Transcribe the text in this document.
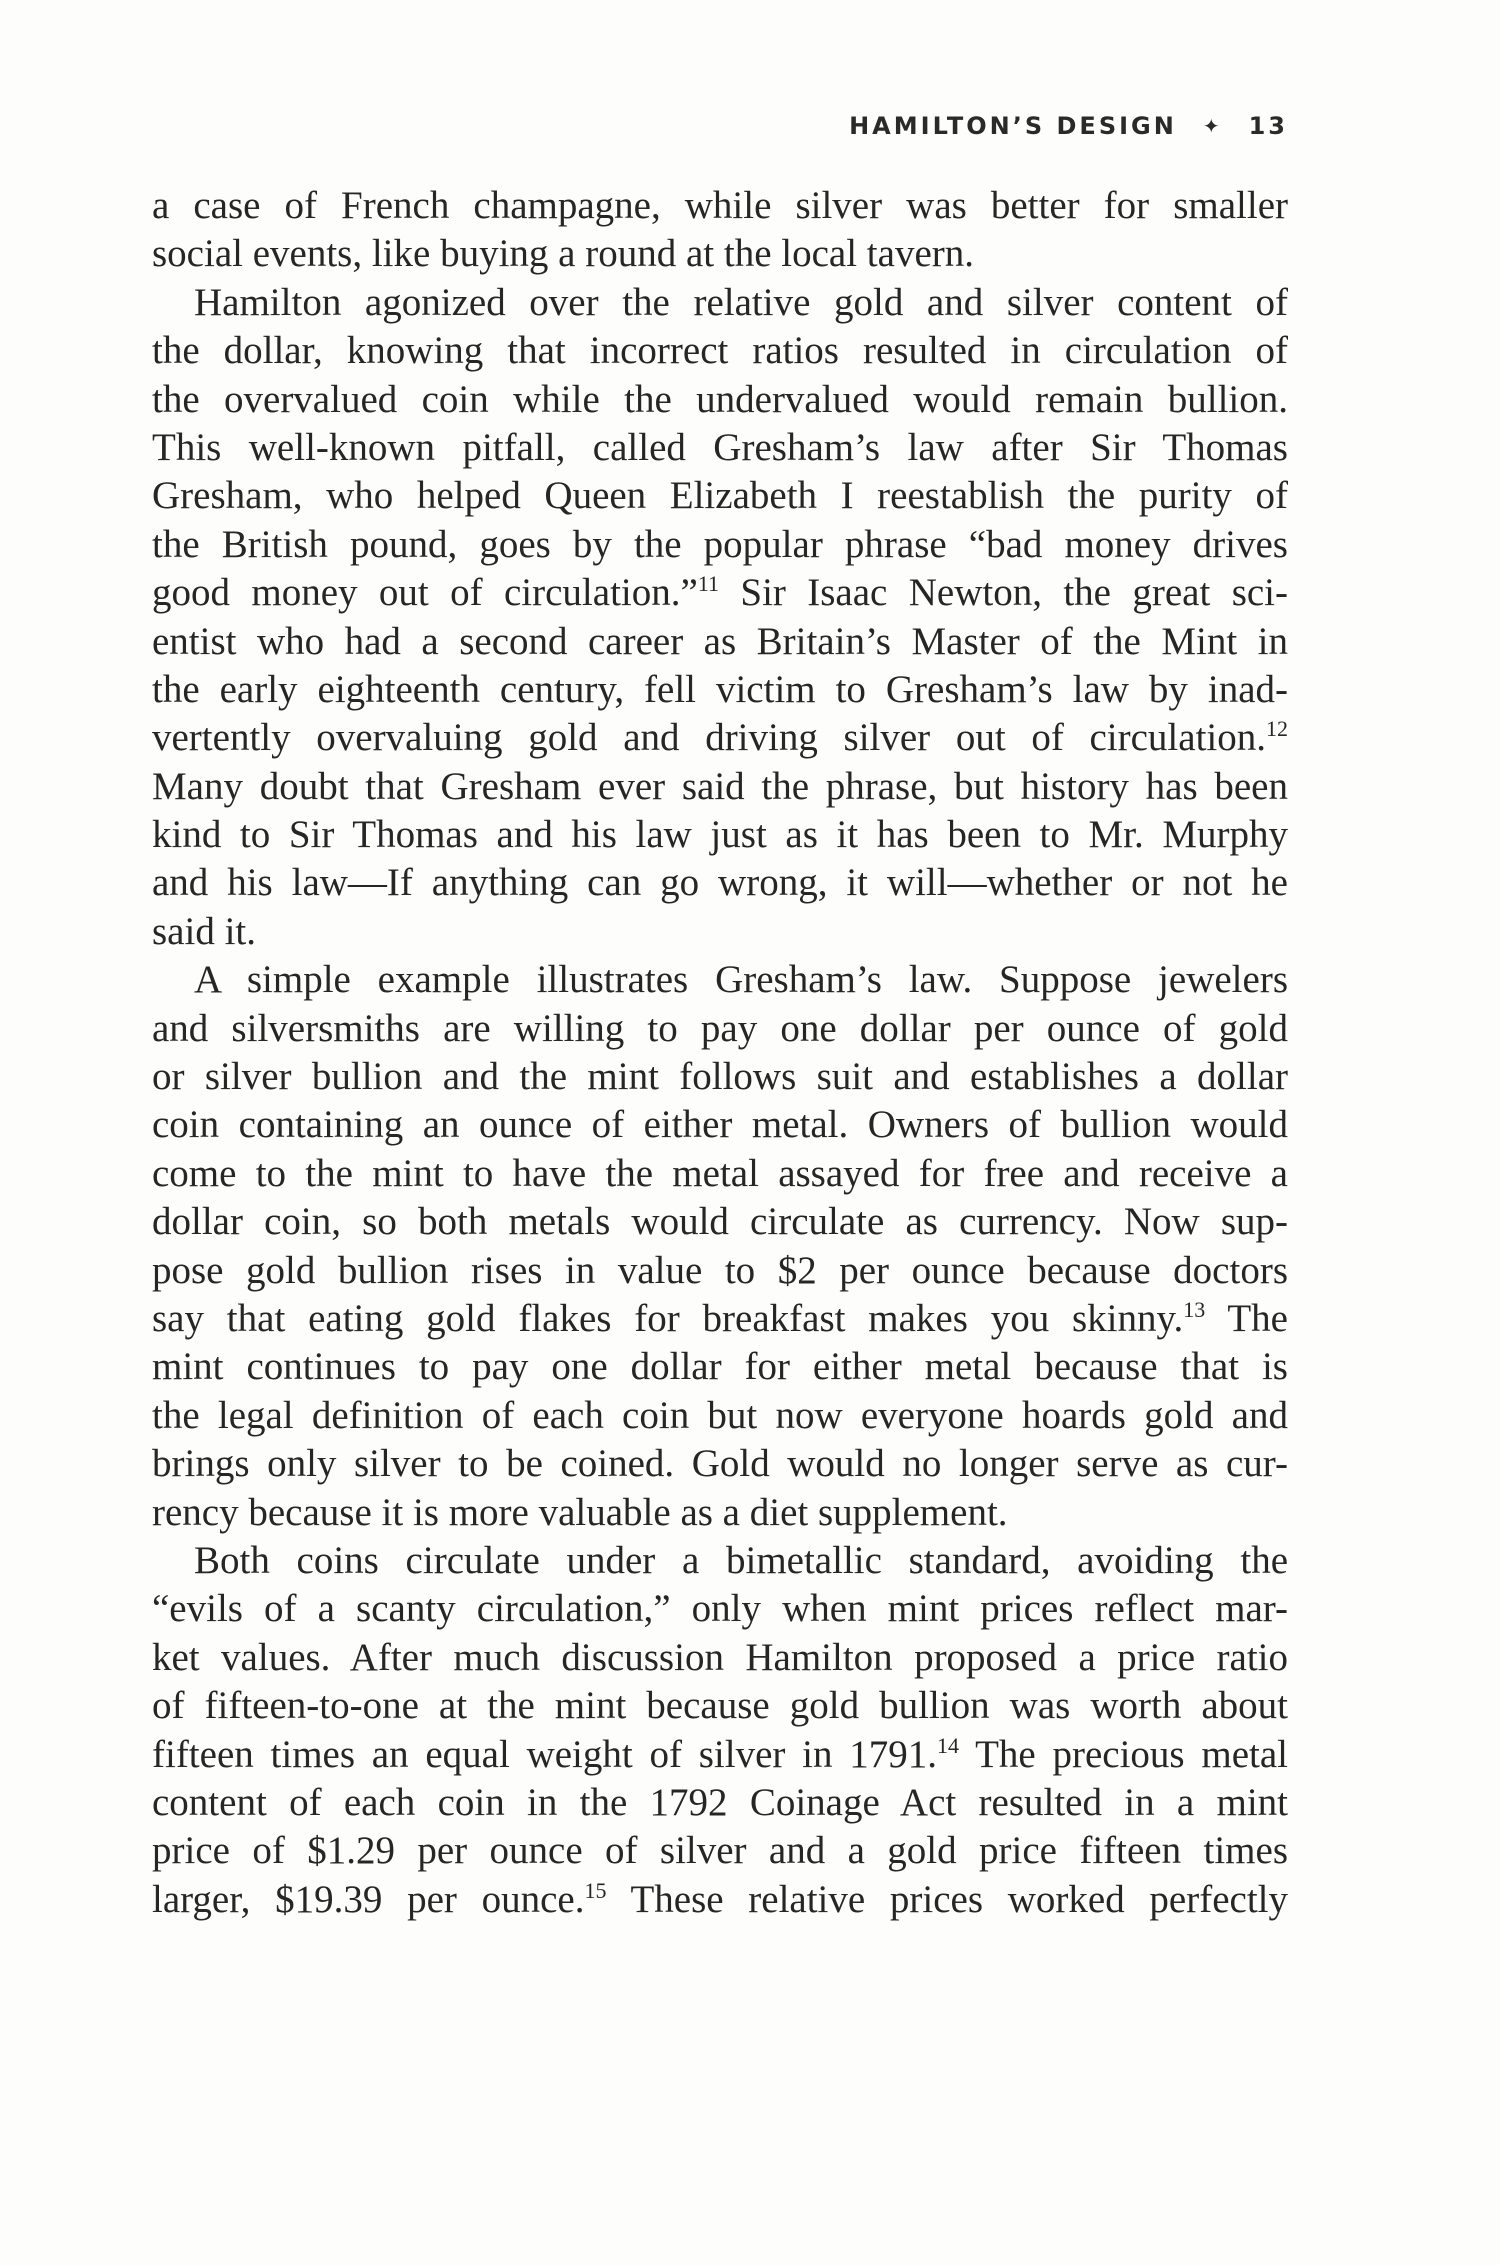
HAMILTON’S DESIGN ✦ 13
a case of French champagne, while silver was better for smaller
social events, like buying a round at the local tavern.
Hamilton agonized over the relative gold and silver content of
the dollar, knowing that incorrect ratios resulted in circulation of
the overvalued coin while the undervalued would remain bullion.
This well-known pitfall, called Gresham’s law after Sir Thomas
Gresham, who helped Queen Elizabeth I reestablish the purity of
the British pound, goes by the popular phrase “bad money drives
good money out of circulation.”$^{11}$ Sir Isaac Newton, the great sci-
entist who had a second career as Britain’s Master of the Mint in
the early eighteenth century, fell victim to Gresham’s law by inad-
vertently overvaluing gold and driving silver out of circulation.$^{12}$
Many doubt that Gresham ever said the phrase, but history has been
kind to Sir Thomas and his law just as it has been to Mr. Murphy
and his law—If anything can go wrong, it will—whether or not he
said it.
A simple example illustrates Gresham’s law. Suppose jewelers
and silversmiths are willing to pay one dollar per ounce of gold
or silver bullion and the mint follows suit and establishes a dollar
coin containing an ounce of either metal. Owners of bullion would
come to the mint to have the metal assayed for free and receive a
dollar coin, so both metals would circulate as currency. Now sup-
pose gold bullion rises in value to $2 per ounce because doctors
say that eating gold flakes for breakfast makes you skinny.$^{13}$ The
mint continues to pay one dollar for either metal because that is
the legal definition of each coin but now everyone hoards gold and
brings only silver to be coined. Gold would no longer serve as cur-
rency because it is more valuable as a diet supplement.
Both coins circulate under a bimetallic standard, avoiding the
“evils of a scanty circulation,” only when mint prices reflect mar-
ket values. After much discussion Hamilton proposed a price ratio
of fifteen-to-one at the mint because gold bullion was worth about
fifteen times an equal weight of silver in 1791.14 The precious metal
content of each coin in the 1792 Coinage Act resulted in a mint
price of $1.29 per ounce of silver and a gold price fifteen times
larger, $19.39 per ounce.$^{15}$ These relative prices worked perfectly
